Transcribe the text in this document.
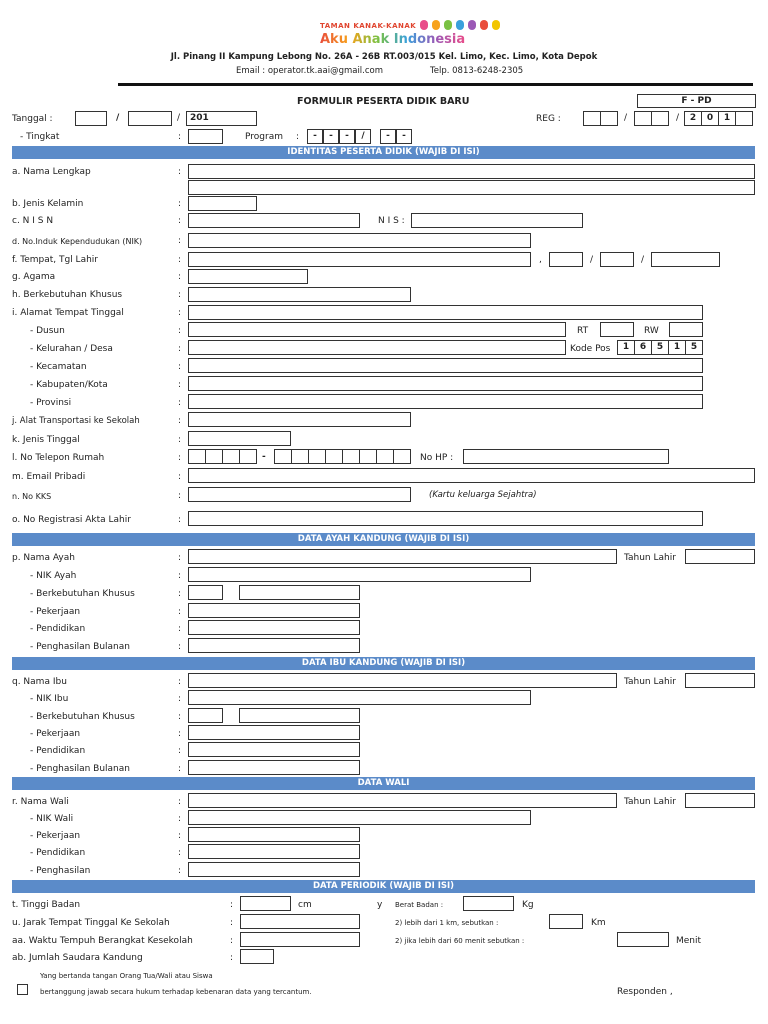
TAMAN KANAK-KANAK
Aku Anak Indonesia
Jl. Pinang II Kampung Lebong No. 26A - 26B RT.003/015 Kel. Limo, Kec. Limo, Kota Depok
Email : operator.tk.aai@gmail.com	Telp. 0813-6248-2305
FORMULIR PESERTA DIDIK BARU	F - PD
Tanggal :	/	/	201	REG :	/	/	2	0	1
- Tingkat	:	Program :	-	-	-	/	-	-
IDENTITAS PESERTA DIDIK (WAJIB DI ISI)
a. Nama Lengkap	:
b. Jenis Kelamin	:
c. N I S N	:	N I S :
d. No.Induk Kependudukan (NIK)	:
f. Tempat, Tgl Lahir	:	,	/	/
g. Agama	:
h. Berkebutuhan Khusus	:
i. Alamat Tempat Tinggal	:
- Dusun	:	RT	RW
- Kelurahan / Desa	:	Kode Pos	1	6	5	1	5
- Kecamatan	:
- Kabupaten/Kota	:
- Provinsi	:
j. Alat Transportasi ke Sekolah	:
k. Jenis Tinggal	:
l. No Telepon Rumah	:	-	No HP :
m. Email Pribadi	:
n. No KKS	:	(Kartu keluarga Sejahtra)
o. No Registrasi Akta Lahir	:
DATA AYAH KANDUNG (WAJIB DI ISI)
p. Nama Ayah	:	Tahun Lahir
- NIK Ayah	:
- Berkebutuhan Khusus	:
- Pekerjaan	:
- Pendidikan	:
- Penghasilan Bulanan	:
DATA IBU KANDUNG (WAJIB DI ISI)
q. Nama Ibu	:	Tahun Lahir
- NIK Ibu	:
- Berkebutuhan Khusus	:
- Pekerjaan	:
- Pendidikan	:
- Penghasilan Bulanan	:
DATA WALI
r. Nama Wali	:	Tahun Lahir
- NIK Wali	:
- Pekerjaan	:
- Pendidikan	:
- Penghasilan	:
DATA PERIODIK (WAJIB DI ISI)
t. Tinggi Badan	:	cm	y Berat Badan :	Kg
u. Jarak Tempat Tinggal Ke Sekolah	:	2) lebih dari 1 km, sebutkan :	Km
aa. Waktu Tempuh Berangkat Kesekolah	:	2) jika lebih dari 60 menit sebutkan :	Menit
ab. Jumlah Saudara Kandung	:
Yang bertanda tangan Orang Tua/Wali atau Siswa
bertanggung jawab secara hukum terhadap kebenaran data yang tercantum.	Responden ,
